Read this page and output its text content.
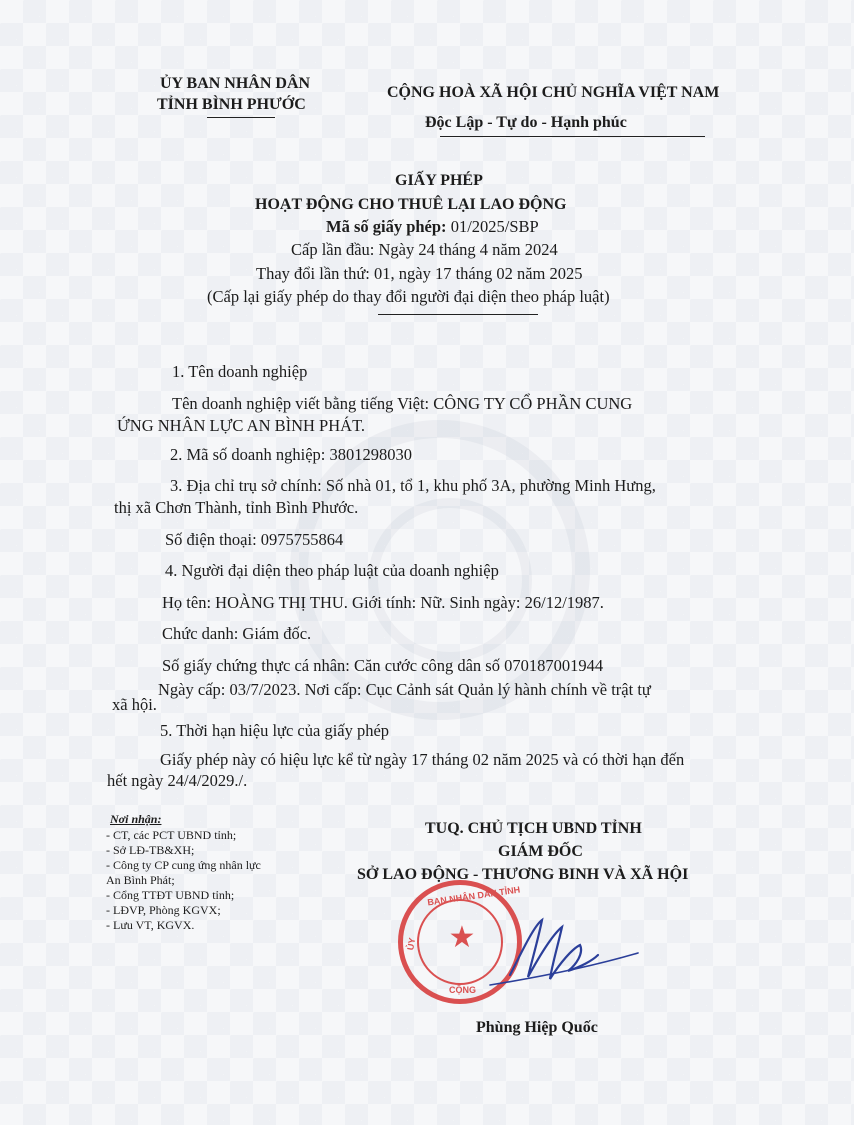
ỦY BAN NHÂN DÂN
TỈNH BÌNH PHƯỚC
CỘNG HOÀ XÃ HỘI CHỦ NGHĨA VIỆT NAM
Độc Lập - Tự do - Hạnh phúc
GIẤY PHÉP
HOẠT ĐỘNG CHO THUÊ LẠI LAO ĐỘNG
Mã số giấy phép: 01/2025/SBP
Cấp lần đầu: Ngày 24 tháng 4 năm 2024
Thay đổi lần thứ: 01, ngày 17 tháng 02 năm 2025
(Cấp lại giấy phép do thay đổi người đại diện theo pháp luật)
1. Tên doanh nghiệp
Tên doanh nghiệp viết bằng tiếng Việt: CÔNG TY CỔ PHẦN CUNG
ỨNG NHÂN LỰC AN BÌNH PHÁT.
2. Mã số doanh nghiệp: 3801298030
3. Địa chỉ trụ sở chính: Số nhà 01, tổ 1, khu phố 3A, phường Minh Hưng,
thị xã Chơn Thành, tỉnh Bình Phước.
Số điện thoại: 0975755864
4. Người đại diện theo pháp luật của doanh nghiệp
Họ tên: HOÀNG THỊ THU. Giới tính: Nữ. Sinh ngày: 26/12/1987.
Chức danh: Giám đốc.
Số giấy chứng thực cá nhân: Căn cước công dân số 070187001944
Ngày cấp: 03/7/2023. Nơi cấp: Cục Cảnh sát Quản lý hành chính về trật tự
xã hội.
5. Thời hạn hiệu lực của giấy phép
Giấy phép này có hiệu lực kể từ ngày 17 tháng 02 năm 2025 và có thời hạn đến
hết ngày 24/4/2029./.
Nơi nhận:
- CT, các PCT UBND tỉnh;
- Sở LĐ-TB&XH;
- Công ty CP cung ứng nhân lực
An Bình Phát;
- Cổng TTĐT UBND tỉnh;
- LĐVP, Phòng KGVX;
- Lưu VT, KGVX.
TUQ. CHỦ TỊCH UBND TỈNH
GIÁM ĐỐC
SỞ LAO ĐỘNG - THƯƠNG BINH VÀ XÃ HỘI
★
BAN NHÂN DÂN TỈNH
ỦY
CỘNG
Phùng Hiệp Quốc
